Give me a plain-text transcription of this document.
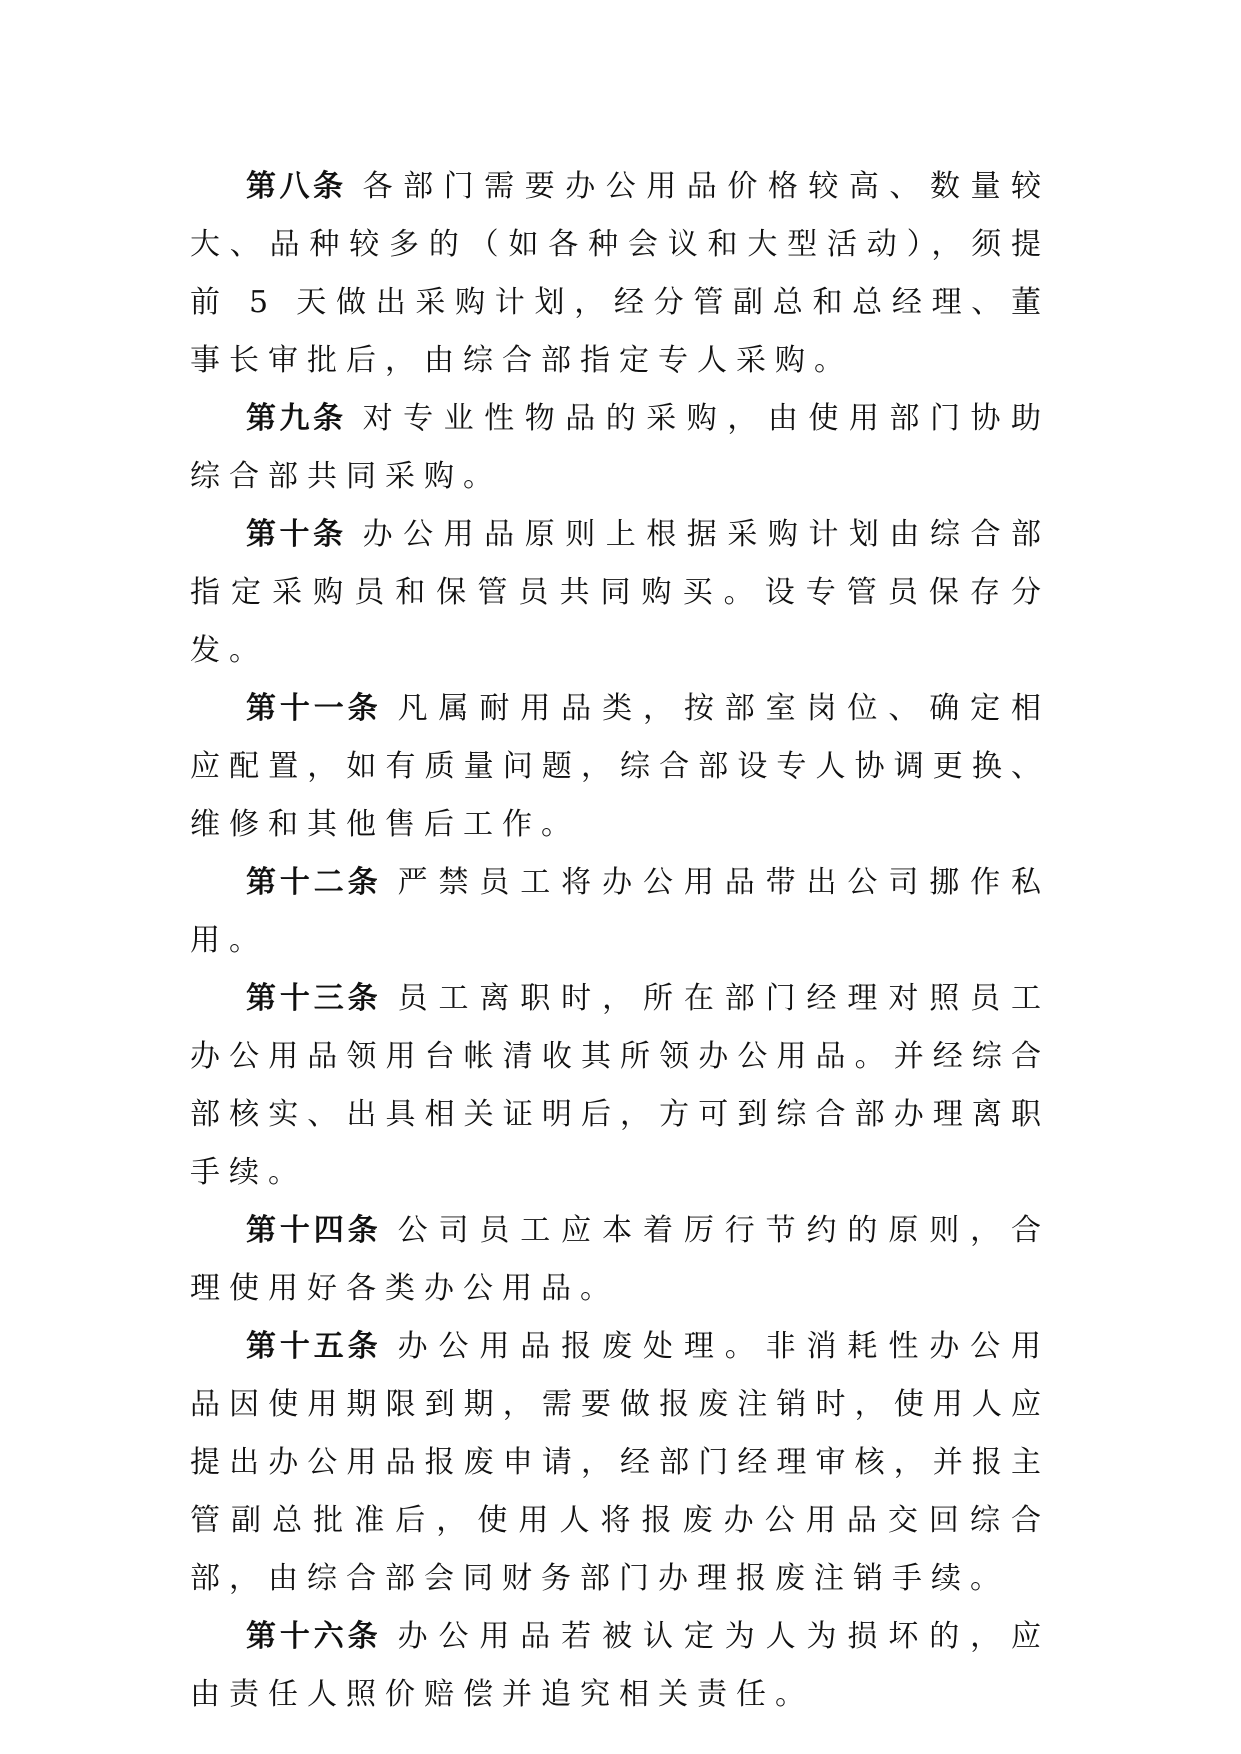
第八条 各部门需要办公用品价格较高、数量较大、品种较多的（如各种会议和大型活动），须提前 5 天做出采购计划，经分管副总和总经理、董事长审批后，由综合部指定专人采购。

第九条 对专业性物品的采购，由使用部门协助综合部共同采购。

第十条 办公用品原则上根据采购计划由综合部指定采购员和保管员共同购买。设专管员保存分发。

第十一条 凡属耐用品类，按部室岗位、确定相应配置，如有质量问题，综合部设专人协调更换、维修和其他售后工作。

第十二条 严禁员工将办公用品带出公司挪作私用。

第十三条 员工离职时，所在部门经理对照员工办公用品领用台帐清收其所领办公用品。并经综合部核实、出具相关证明后，方可到综合部办理离职手续。

第十四条 公司员工应本着厉行节约的原则，合理使用好各类办公用品。

第十五条 办公用品报废处理。非消耗性办公用品因使用期限到期，需要做报废注销时，使用人应提出办公用品报废申请，经部门经理审核，并报主管副总批准后，使用人将报废办公用品交回综合部，由综合部会同财务部门办理报废注销手续。

第十六条 办公用品若被认定为人为损坏的，应由责任人照价赔偿并追究相关责任。
